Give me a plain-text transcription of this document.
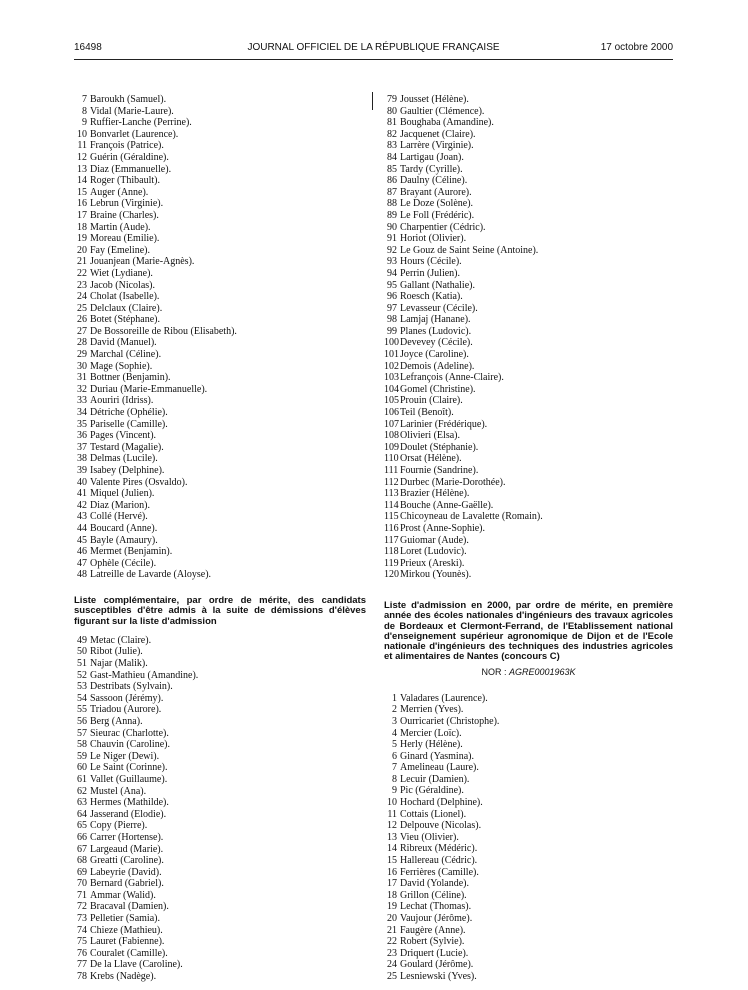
16498	JOURNAL OFFICIEL DE LA RÉPUBLIQUE FRANÇAISE	17 octobre 2000
7 Baroukh (Samuel).
8 Vidal (Marie-Laure).
9 Ruffier-Lanche (Perrine).
10 Bonvarlet (Laurence).
11 François (Patrice).
12 Guérin (Géraldine).
13 Diaz (Emmanuelle).
14 Roger (Thibault).
15 Auger (Anne).
16 Lebrun (Virginie).
17 Braine (Charles).
18 Martin (Aude).
19 Moreau (Emilie).
20 Fay (Emeline).
21 Jouanjean (Marie-Agnès).
22 Wiet (Lydiane).
23 Jacob (Nicolas).
24 Cholat (Isabelle).
25 Delclaux (Claire).
26 Botet (Stéphane).
27 De Bossoreille de Ribou (Elisabeth).
28 David (Manuel).
29 Marchal (Céline).
30 Mage (Sophie).
31 Bottner (Benjamin).
32 Duriau (Marie-Emmanuelle).
33 Aouriri (Idriss).
34 Détriche (Ophélie).
35 Pariselle (Camille).
36 Pages (Vincent).
37 Testard (Magalie).
38 Delmas (Lucile).
39 Isabey (Delphine).
40 Valente Pires (Osvaldo).
41 Miquel (Julien).
42 Diaz (Marion).
43 Collé (Hervé).
44 Boucard (Anne).
45 Bayle (Amaury).
46 Mermet (Benjamin).
47 Ophèle (Cécile).
48 Latreille de Lavarde (Aloyse).

Liste complémentaire, par ordre de mérite, des candidats susceptibles d'être admis à la suite de démissions d'élèves figurant sur la liste d'admission

49 Metac (Claire).
50 Ribot (Julie).
51 Najar (Malik).
52 Gast-Mathieu (Amandine).
53 Destribats (Sylvain).
54 Sassoon (Jérémy).
55 Triadou (Aurore).
56 Berg (Anna).
57 Sieurac (Charlotte).
58 Chauvin (Caroline).
59 Le Niger (Dewi).
60 Le Saint (Corinne).
61 Vallet (Guillaume).
62 Mustel (Ana).
63 Hermes (Mathilde).
64 Jasserand (Elodie).
65 Copy (Pierre).
66 Carrer (Hortense).
67 Largeaud (Marie).
68 Greatti (Caroline).
69 Labeyrie (David).
70 Bernard (Gabriel).
71 Ammar (Walid).
72 Bracaval (Damien).
73 Pelletier (Samia).
74 Chieze (Mathieu).
75 Lauret (Fabienne).
76 Couralet (Camille).
77 De la Llave (Caroline).
78 Krebs (Nadège).
79 Jousset (Hélène).
80 Gaultier (Clémence).
81 Boughaba (Amandine).
82 Jacquenet (Claire).
83 Larrère (Virginie).
84 Lartigau (Joan).
85 Tardy (Cyrille).
86 Daulny (Céline).
87 Brayant (Aurore).
88 Le Doze (Solène).
89 Le Foll (Frédéric).
90 Charpentier (Cédric).
91 Horiot (Olivier).
92 Le Gouz de Saint Seine (Antoine).
93 Hours (Cécile).
94 Perrin (Julien).
95 Gallant (Nathalie).
96 Roesch (Katia).
97 Levasseur (Cécile).
98 Lamjaj (Hanane).
99 Planes (Ludovic).
100 Devevey (Cécile).
101 Joyce (Caroline).
102 Demois (Adeline).
103 Lefrançois (Anne-Claire).
104 Gomel (Christine).
105 Prouin (Claire).
106 Teil (Benoît).
107 Larinier (Frédérique).
108 Olivieri (Elsa).
109 Doulet (Stéphanie).
110 Orsat (Hélène).
111 Fournie (Sandrine).
112 Durbec (Marie-Dorothée).
113 Brazier (Hélène).
114 Bouche (Anne-Gaëlle).
115 Chicoyneau de Lavalette (Romain).
116 Prost (Anne-Sophie).
117 Guiomar (Aude).
118 Loret (Ludovic).
119 Prieux (Areski).
120 Mirkou (Younès).

Liste d'admission en 2000, par ordre de mérite, en première année des écoles nationales d'ingénieurs des travaux agricoles de Bordeaux et Clermont-Ferrand, de l'Etablissement national d'enseignement supérieur agronomique de Dijon et de l'Ecole nationale d'ingénieurs des techniques des industries agricoles et alimentaires de Nantes (concours C)

NOR : AGRE0001963K

1 Valadares (Laurence).
2 Merrien (Yves).
3 Ourricariet (Christophe).
4 Mercier (Loïc).
5 Herly (Hélène).
6 Ginard (Yasmina).
7 Amelineau (Laure).
8 Lecuir (Damien).
9 Pic (Géraldine).
10 Hochard (Delphine).
11 Cottais (Lionel).
12 Delpouve (Nicolas).
13 Vieu (Olivier).
14 Ribreux (Médéric).
15 Hallereau (Cédric).
16 Ferrières (Camille).
17 David (Yolande).
18 Grillon (Céline).
19 Lechat (Thomas).
20 Vaujour (Jérôme).
21 Faugère (Anne).
22 Robert (Sylvie).
23 Driquert (Lucie).
24 Goulard (Jérôme).
25 Lesniewski (Yves).
